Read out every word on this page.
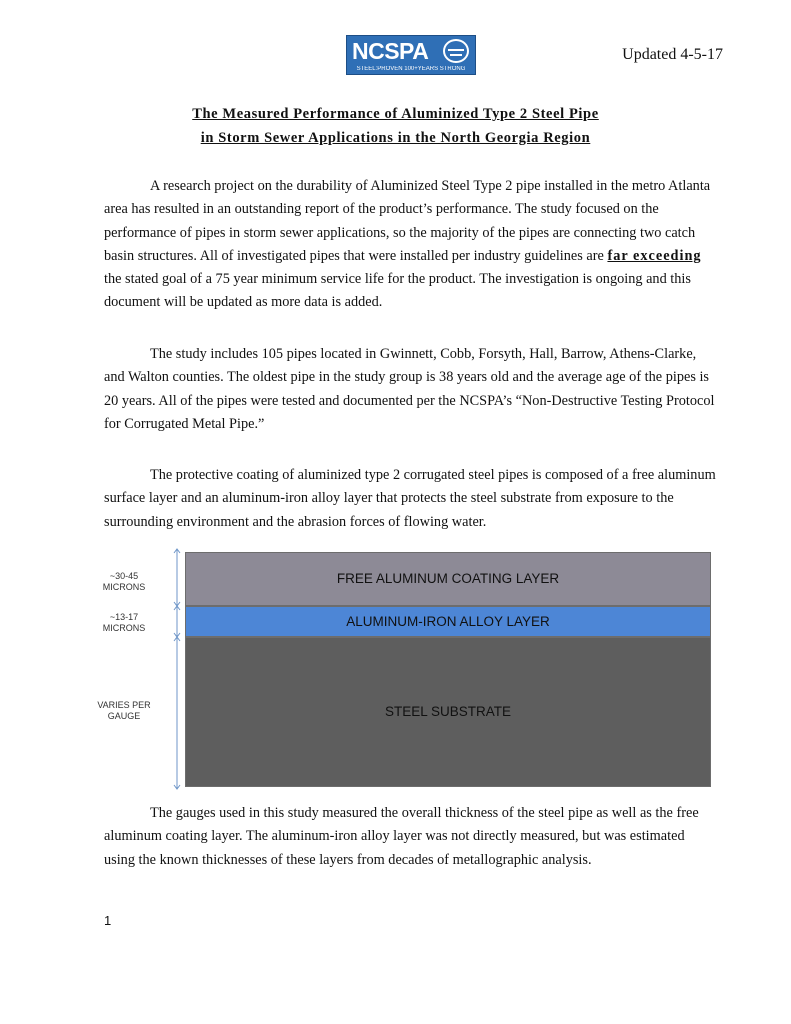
NCSPA
STEEL:PROVEN 100+YEARS STRONG
Updated 4-5-17
The Measured Performance of Aluminized Type 2 Steel Pipe
in Storm Sewer Applications in the North Georgia Region

A research project on the durability of Aluminized Steel Type 2 pipe installed in the metro Atlanta area has resulted in an outstanding report of the product’s performance. The study focused on the performance of pipes in storm sewer applications, so the majority of the pipes are connecting two catch basin structures. All of investigated pipes that were installed per industry guidelines are far exceeding the stated goal of a 75 year minimum service life for the product. The investigation is ongoing and this document will be updated as more data is added.

The study includes 105 pipes located in Gwinnett, Cobb, Forsyth, Hall, Barrow, Athens-Clarke, and Walton counties. The oldest pipe in the study group is 38 years old and the average age of the pipes is 20 years. All of the pipes were tested and documented per the NCSPA’s “Non-Destructive Testing Protocol for Corrugated Metal Pipe.”

The protective coating of aluminized type 2 corrugated steel pipes is composed of a free aluminum surface layer and an aluminum-iron alloy layer that protects the steel substrate from exposure to the surrounding environment and the abrasion forces of flowing water.

~30-45
MICRONS
~13-17
MICRONS
VARIES PER
GAUGE
FREE ALUMINUM COATING LAYER
ALUMINUM-IRON ALLOY LAYER
STEEL SUBSTRATE

The gauges used in this study measured the overall thickness of the steel pipe as well as the free aluminum coating layer. The aluminum-iron alloy layer was not directly measured, but was estimated using the known thicknesses of these layers from decades of metallographic analysis.

1
